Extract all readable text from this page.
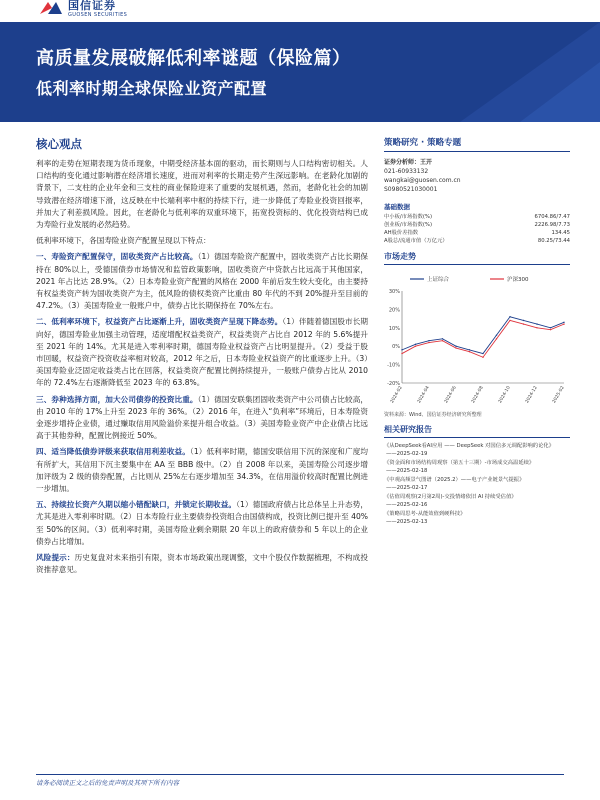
国信证券
GUOSEN SECURITIES
高质量发展破解低利率谜题（保险篇）
低利率时期全球保险业资产配置
核心观点

利率的走势在短期表现为货币现象，中期受经济基本面的驱动，而长期则与人口结构密切相关。人口结构的变化通过影响潜在经济增长速度，进而对利率的长期走势产生深远影响。在老龄化加剧的背景下，二支柱的企业年金和三支柱的商业保险迎来了重要的发展机遇，然而，老龄化社会的加剧导致潜在经济增速下滑，这反映在中长端利率中枢的持续下行，进一步降低了寿险业投资回报率，并加大了利差损风险。因此，在老龄化与低利率的双重环境下，拓宽投资标的、优化投资结构已成为寿险行业发展的必然趋势。

低利率环境下，各国寿险业资产配置呈现以下特点：

一、寿险资产配置保守，固收类资产占比较高。（1）德国寿险资产配置中，固收类资产占比长期保持在 80%以上，受德国债券市场情况和监管政策影响，固收类资产中贷款占比远高于其他国家，2021 年占比达 28.9%。（2）日本寿险业资产配置的风格在 2000 年前后发生较大变化，由主要持有权益类资产转为国收类资产为主，低风险的债权类资产比重由 80 年代的不到 20%提升至目前的 47.2%。（3）美国寿险业一般账户中，债券占比长期保持在 70%左右。

二、低利率环境下，权益资产占比逐渐上升，固收类资产呈现下降态势。（1）伴随着德国股市长期向好，德国寿险业加强主动管理，适度增配权益类资产，权益类资产占比自 2012 年的 5.6%提升至 2021 年的 14%。尤其是进入零利率时期，德国寿险业权益资产占比明显提升。（2）受益于股市回暖，权益资产投资收益率相对较高，2012 年之后，日本寿险业权益资产的比重逐步上升。（3）美国寿险业泛固定收益类占比在回落，权益类资产配置比例持续提升，一般账户债券占比从 2010 年的 72.4%左右逐渐降低至 2023 年的 63.8%。

三、券种选择方面，加大公司债券的投资比重。（1）德国安联集团固收类资产中公司债占比较高，由 2010 年的 17%上升至 2023 年的 36%。（2）2016 年，在进入“负利率”环境后，日本寿险资金逐步增持企业债，通过赚取信用风险溢价来提升组合收益。（3）美国寿险业资产中企业债占比远高于其他券种，配置比例接近 50%。

四、适当降低债券评级来获取信用利差收益。（1）低利率时期，德国安联信用下沉的深度和广度均有所扩大，其信用下沉主要集中在 AA 至 BBB 级中。（2）自 2008 年以来，美国寿险公司逐步增加评级为 2 级的债券配置，占比则从 25%左右逐步增加至 34.3%，在信用溢价较高时配置比例进一步增加。

五、持续拉长资产久期以缩小错配缺口，并锁定长期收益。（1）德国政府债占比总体呈上升态势，尤其是进入零利率时期。（2）日本寿险行业主要债券投资组合由国债构成，投资比例已提升至 40%至 50%的区间。（3）低利率时期，美国寿险业剩余期限 20 年以上的政府债券和 5 年以上的企业债券占比增加。

风险提示：历史复盘对未来指引有限，资本市场政策出现调整，文中个股仅作数据梳理，不构成投资推荐意见。

策略研究 · 策略专题
证券分析师：王开
021-60933132
wangkai@guosen.com.cn
S0980521030001
基础数据
中小板/市场指数(%)	6704.86/7.47
创业板/市场指数(%)	2226.98/7.73
AH股价差指数	134.45
A股总/流通市值（万亿元）	80.25/73.44
市场走势
-20%
-10%
0%
10%
20%
30%
2024-02	2024-04	2024-06	2024-08	2024-10	2024-12	2025-02
上证综合	沪深300
资料来源：Wind、国信证券经济研究所整理
相关研究报告
《从DeepSeek看AI应用 —— DeepSeek 对国信多元调配影响的论化》
——2025-02-19
《资金面和市场结构周观察（第五十三期）-市场成交高温延续》
——2025-02-18
《中观高频景气图谱（2025.2）——电子产业链景气提振》
——2025-02-17
《估值周观察(2月第2周)-交投情绪依旧 AI 持续受估值》
——2025-02-16
《策略周思考-从能效值到硬科技》
——2025-02-13
请务必阅读正文之后的免责声明及其项下所有内容
